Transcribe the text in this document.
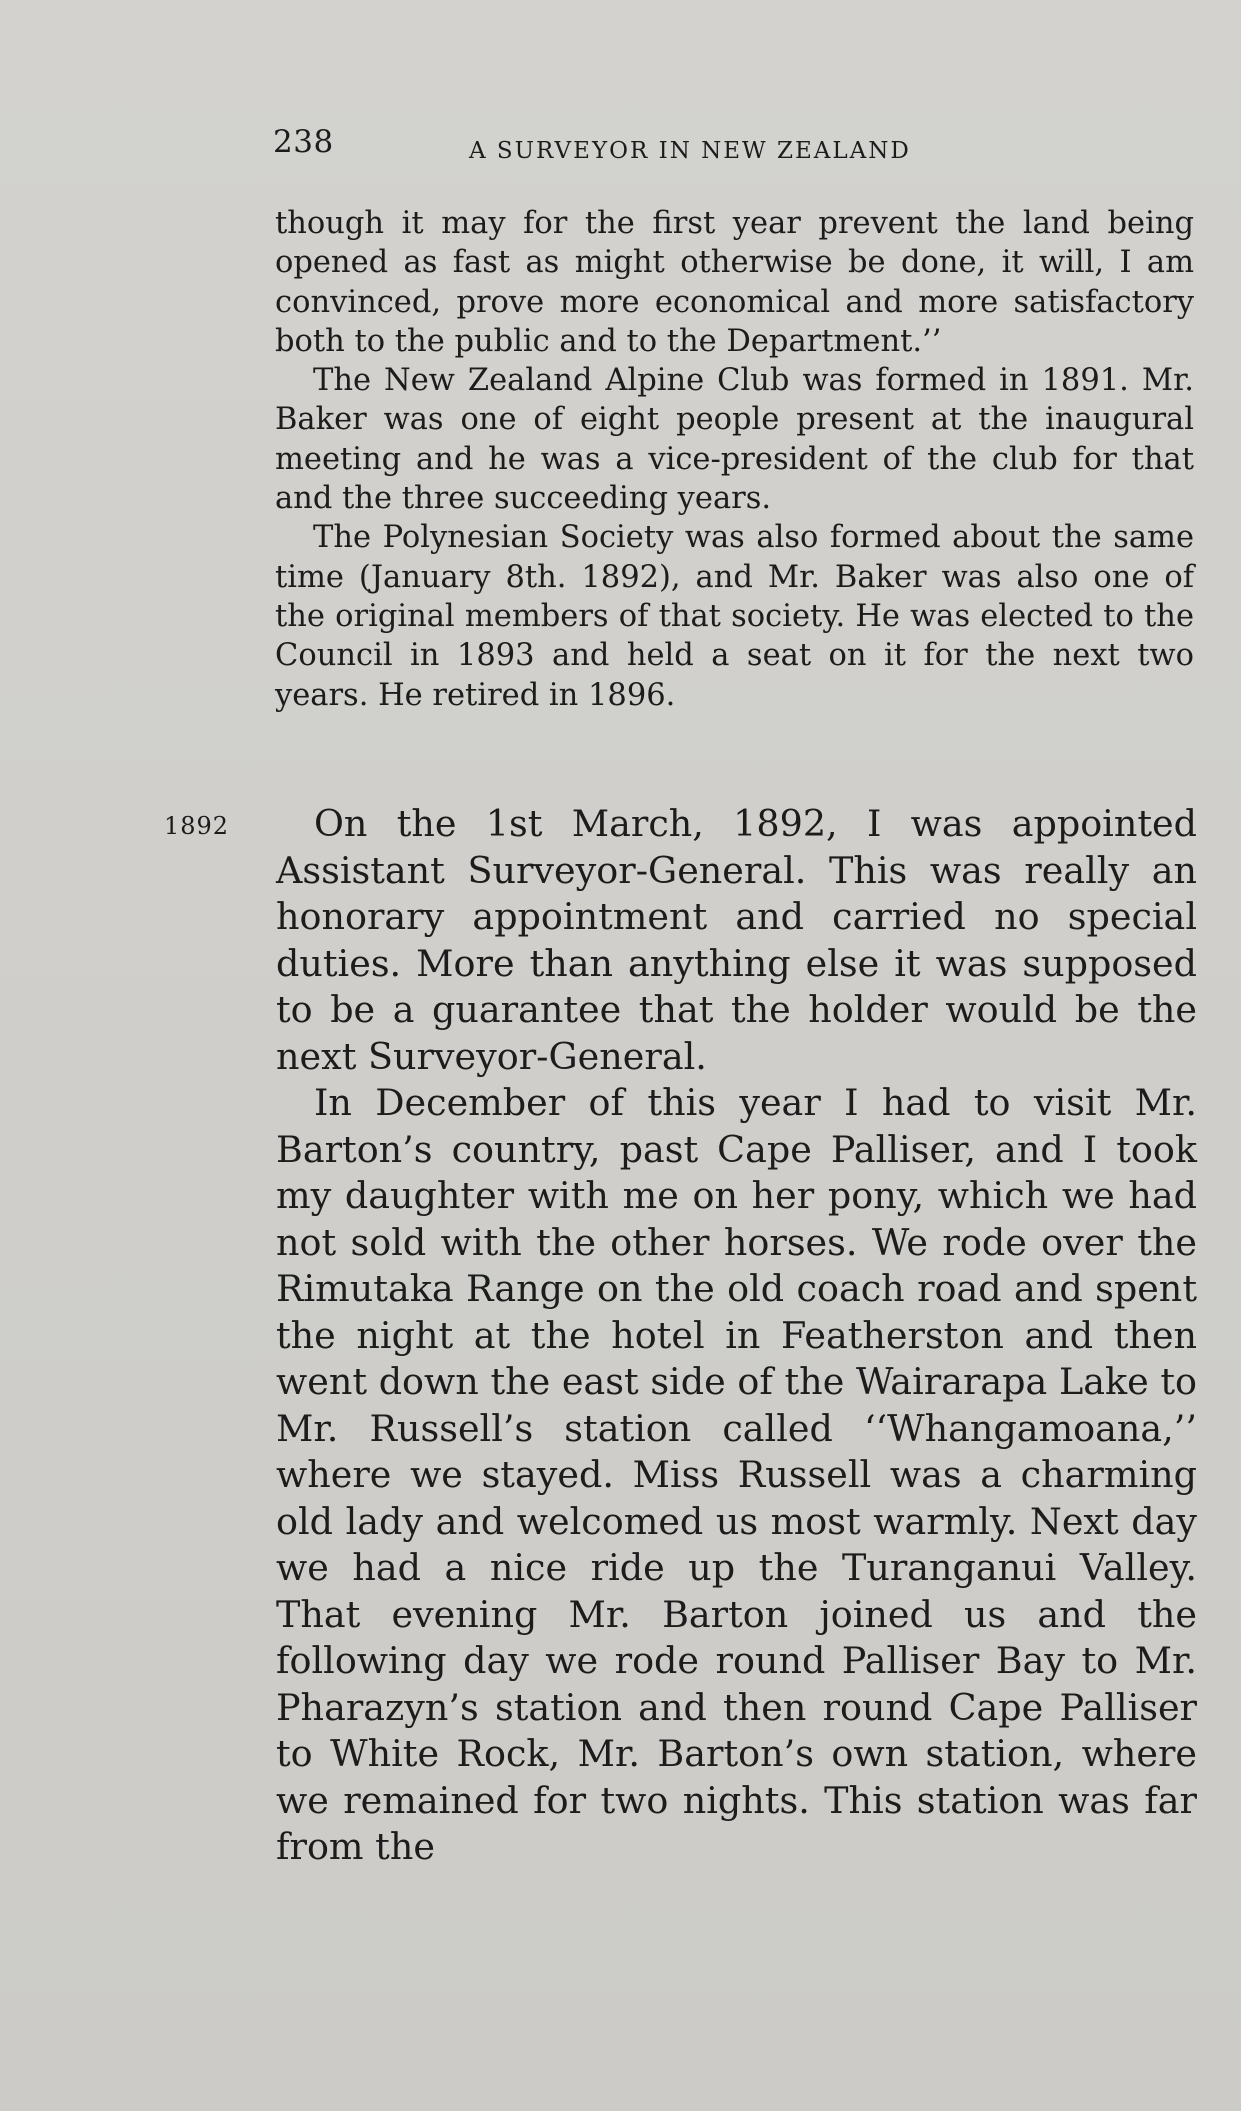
238	A SURVEYOR IN NEW ZEALAND

though it may for the first year prevent the land being opened as fast as might otherwise be done, it will, I am convinced, prove more economical and more satisfactory both to the public and to the Department.’’

The New Zealand Alpine Club was formed in 1891. Mr. Baker was one of eight people present at the inaugural meeting and he was a vice-president of the club for that and the three succeeding years.

The Polynesian Society was also formed about the same time (January 8th. 1892), and Mr. Baker was also one of the original members of that society. He was elected to the Council in 1893 and held a seat on it for the next two years. He retired in 1896.

1892	On the 1st March, 1892, I was appointed Assistant Surveyor-General. This was really an honorary appointment and carried no special duties. More than anything else it was supposed to be a guarantee that the holder would be the next Surveyor-General.

In December of this year I had to visit Mr. Barton’s country, past Cape Palliser, and I took my daughter with me on her pony, which we had not sold with the other horses. We rode over the Rimutaka Range on the old coach road and spent the night at the hotel in Featherston and then went down the east side of the Wairarapa Lake to Mr. Russell’s station called ‘‘Whangamoana,’’ where we stayed. Miss Russell was a charming old lady and welcomed us most warmly. Next day we had a nice ride up the Turanganui Valley. That evening Mr. Barton joined us and the following day we rode round Palliser Bay to Mr. Pharazyn’s station and then round Cape Palliser to White Rock, Mr. Barton’s own station, where we remained for two nights. This station was far from the
